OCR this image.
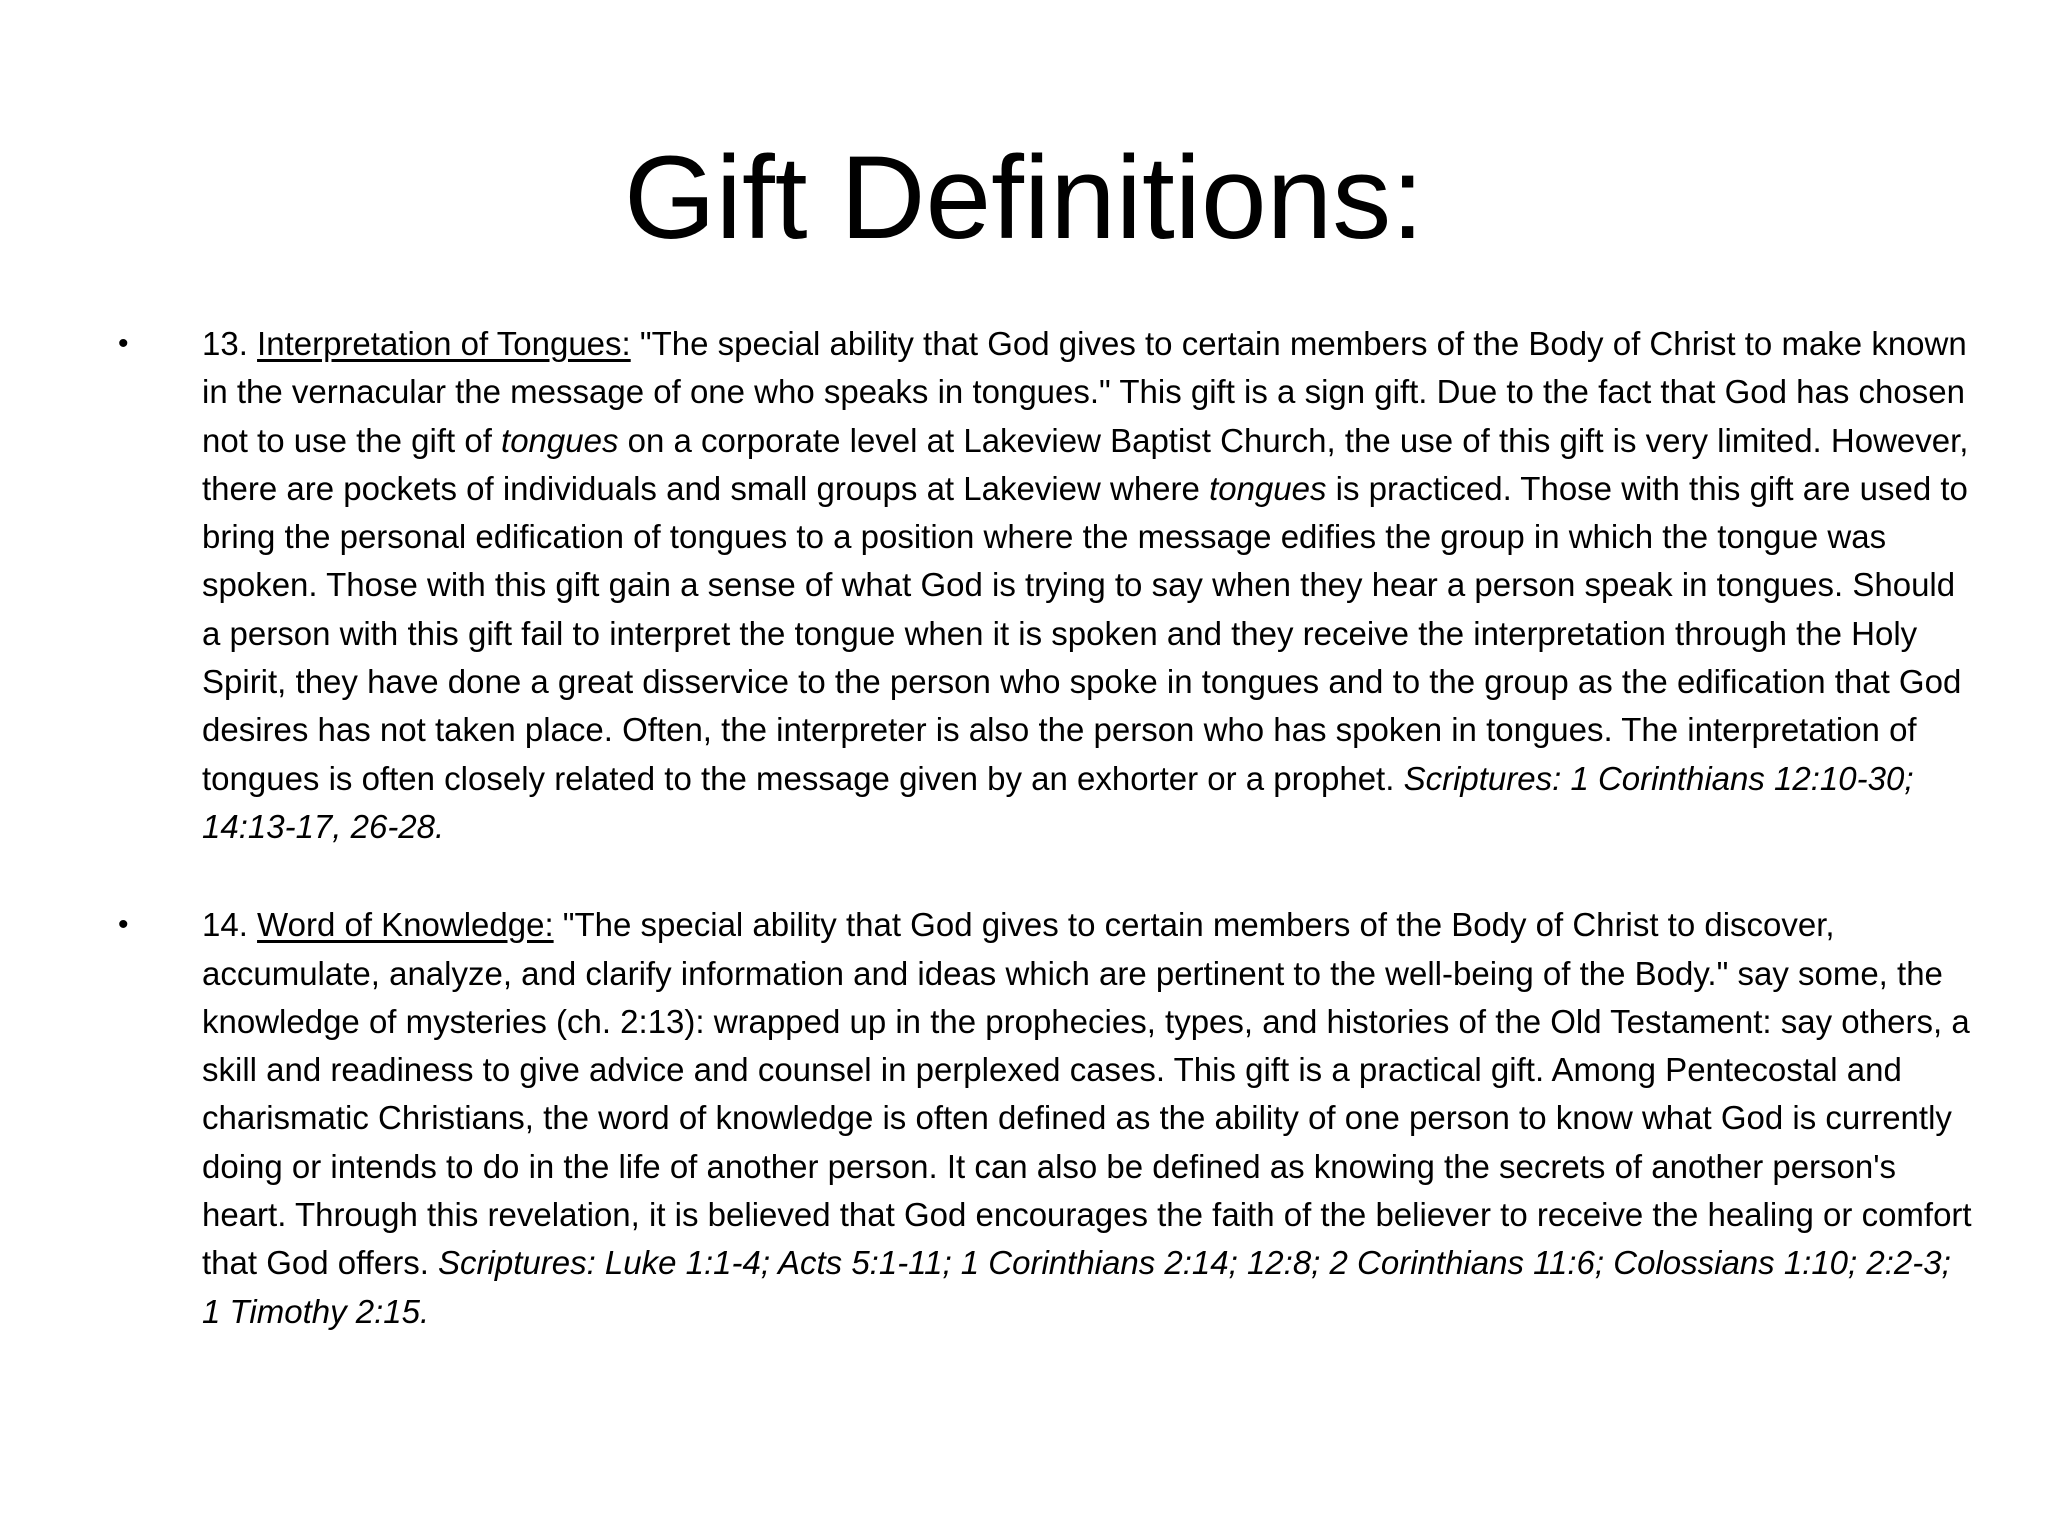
Gift Definitions:
• 13. Interpretation of Tongues: "The special ability that God gives to certain members of the Body of Christ to make known in the vernacular the message of one who speaks in tongues." This gift is a sign gift. Due to the fact that God has chosen not to use the gift of tongues on a corporate level at Lakeview Baptist Church, the use of this gift is very limited. However, there are pockets of individuals and small groups at Lakeview where tongues is practiced. Those with this gift are used to bring the personal edification of tongues to a position where the message edifies the group in which the tongue was spoken. Those with this gift gain a sense of what God is trying to say when they hear a person speak in tongues. Should a person with this gift fail to interpret the tongue when it is spoken and they receive the interpretation through the Holy Spirit, they have done a great disservice to the person who spoke in tongues and to the group as the edification that God desires has not taken place. Often, the interpreter is also the person who has spoken in tongues. The interpretation of tongues is often closely related to the message given by an exhorter or a prophet. Scriptures: 1 Corinthians 12:10-30; 14:13-17, 26-28.

• 14. Word of Knowledge: "The special ability that God gives to certain members of the Body of Christ to discover, accumulate, analyze, and clarify information and ideas which are pertinent to the well-being of the Body." say some, the knowledge of mysteries (ch. 2:13): wrapped up in the prophecies, types, and histories of the Old Testament: say others, a skill and readiness to give advice and counsel in perplexed cases. This gift is a practical gift. Among Pentecostal and charismatic Christians, the word of knowledge is often defined as the ability of one person to know what God is currently doing or intends to do in the life of another person. It can also be defined as knowing the secrets of another person's heart. Through this revelation, it is believed that God encourages the faith of the believer to receive the healing or comfort that God offers. Scriptures: Luke 1:1-4; Acts 5:1-11; 1 Corinthians 2:14; 12:8; 2 Corinthians 11:6; Colossians 1:10; 2:2-3; 1 Timothy 2:15.
